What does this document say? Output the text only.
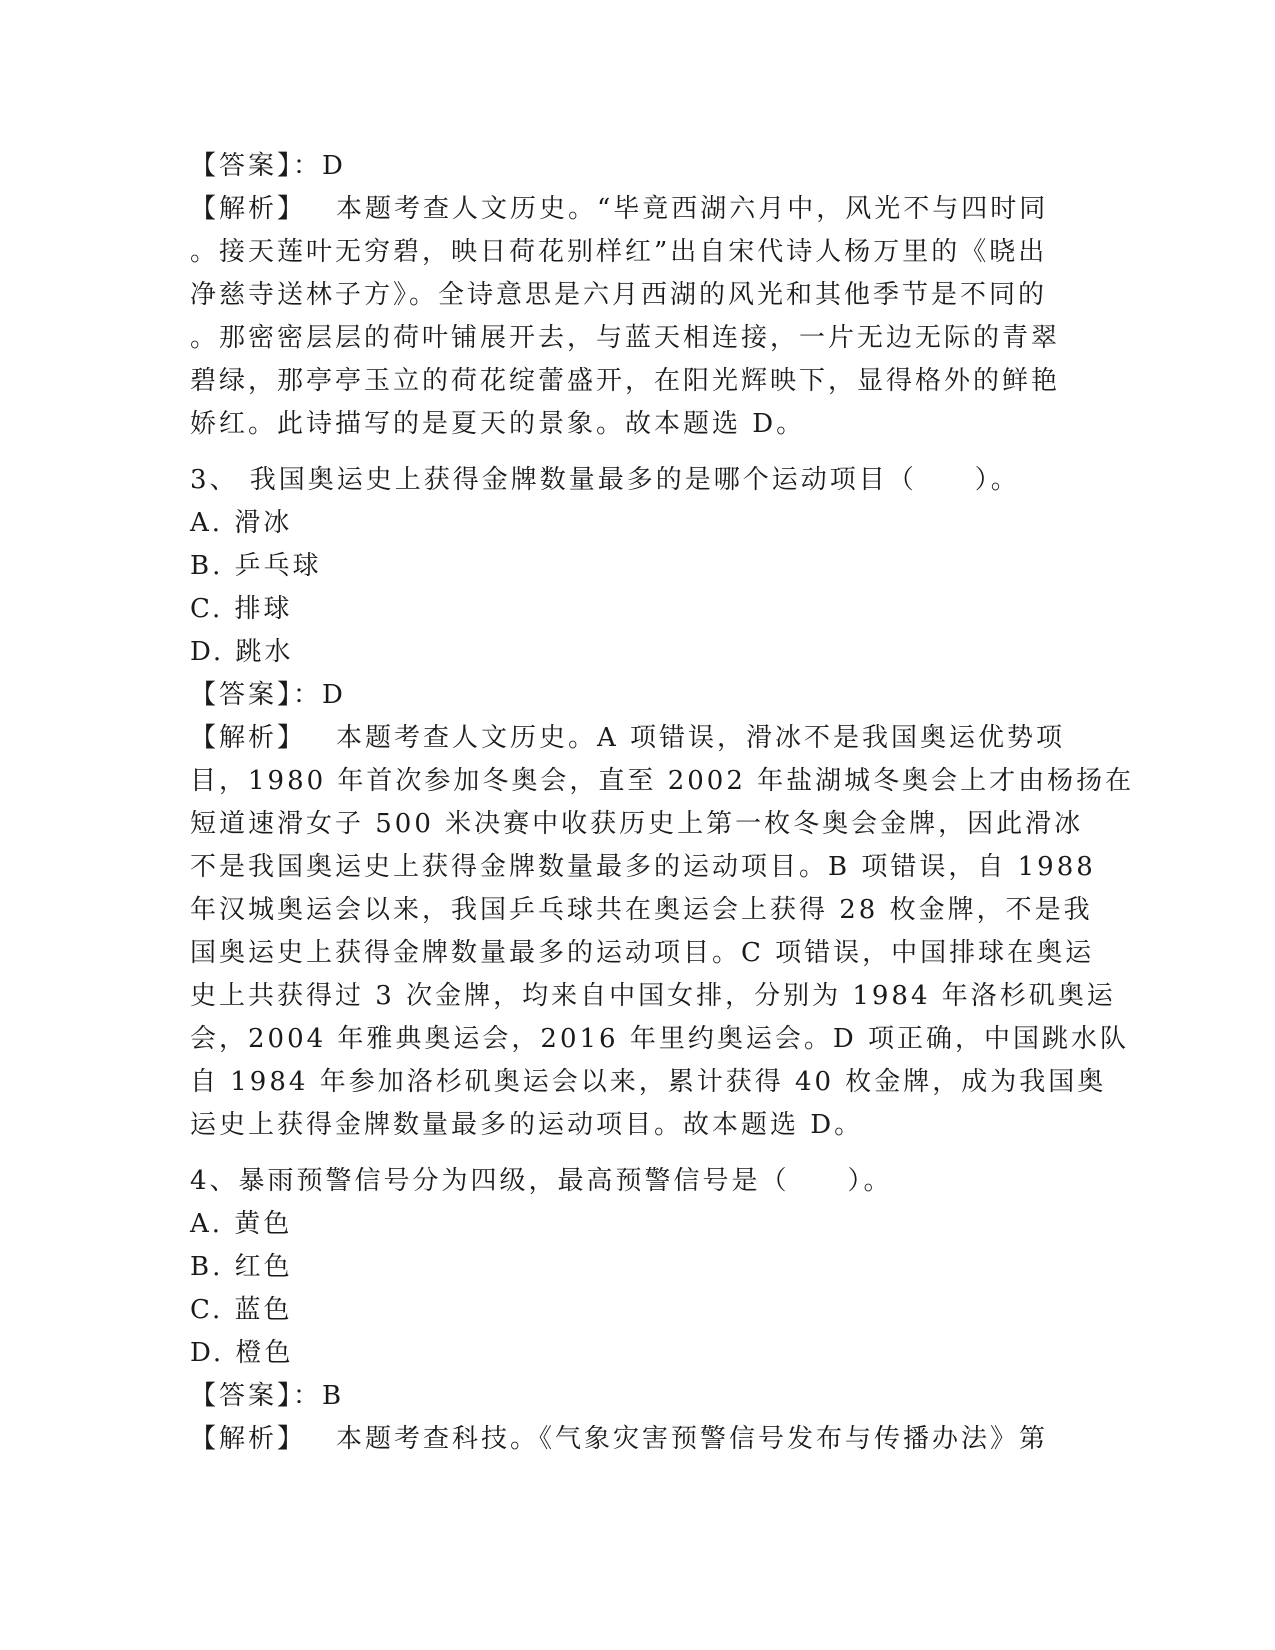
【答案】：D
【解析】 本题考查人文历史。“毕竟西湖六月中，风光不与四时同
。接天莲叶无穷碧，映日荷花别样红”出自宋代诗人杨万里的《晓出
净慈寺送林子方》。全诗意思是六月西湖的风光和其他季节是不同的
。那密密层层的荷叶铺展开去，与蓝天相连接，一片无边无际的青翠
碧绿，那亭亭玉立的荷花绽蕾盛开，在阳光辉映下，显得格外的鲜艳
娇红。此诗描写的是夏天的景象。故本题选 D。
3、 我国奥运史上获得金牌数量最多的是哪个运动项目（　　）。
A. 滑冰
B. 乒乓球
C. 排球
D. 跳水
【答案】：D
【解析】 本题考查人文历史。A 项错误，滑冰不是我国奥运优势项
目，1980 年首次参加冬奥会，直至 2002 年盐湖城冬奥会上才由杨扬在
短道速滑女子 500 米决赛中收获历史上第一枚冬奥会金牌，因此滑冰
不是我国奥运史上获得金牌数量最多的运动项目。B 项错误，自 1988
年汉城奥运会以来，我国乒乓球共在奥运会上获得 28 枚金牌，不是我
国奥运史上获得金牌数量最多的运动项目。C 项错误，中国排球在奥运
史上共获得过 3 次金牌，均来自中国女排，分别为 1984 年洛杉矶奥运
会，2004 年雅典奥运会，2016 年里约奥运会。D 项正确，中国跳水队
自 1984 年参加洛杉矶奥运会以来，累计获得 40 枚金牌，成为我国奥
运史上获得金牌数量最多的运动项目。故本题选 D。
4、暴雨预警信号分为四级，最高预警信号是（　　）。
A. 黄色
B. 红色
C. 蓝色
D. 橙色
【答案】：B
【解析】 本题考查科技。《气象灾害预警信号发布与传播办法》第
